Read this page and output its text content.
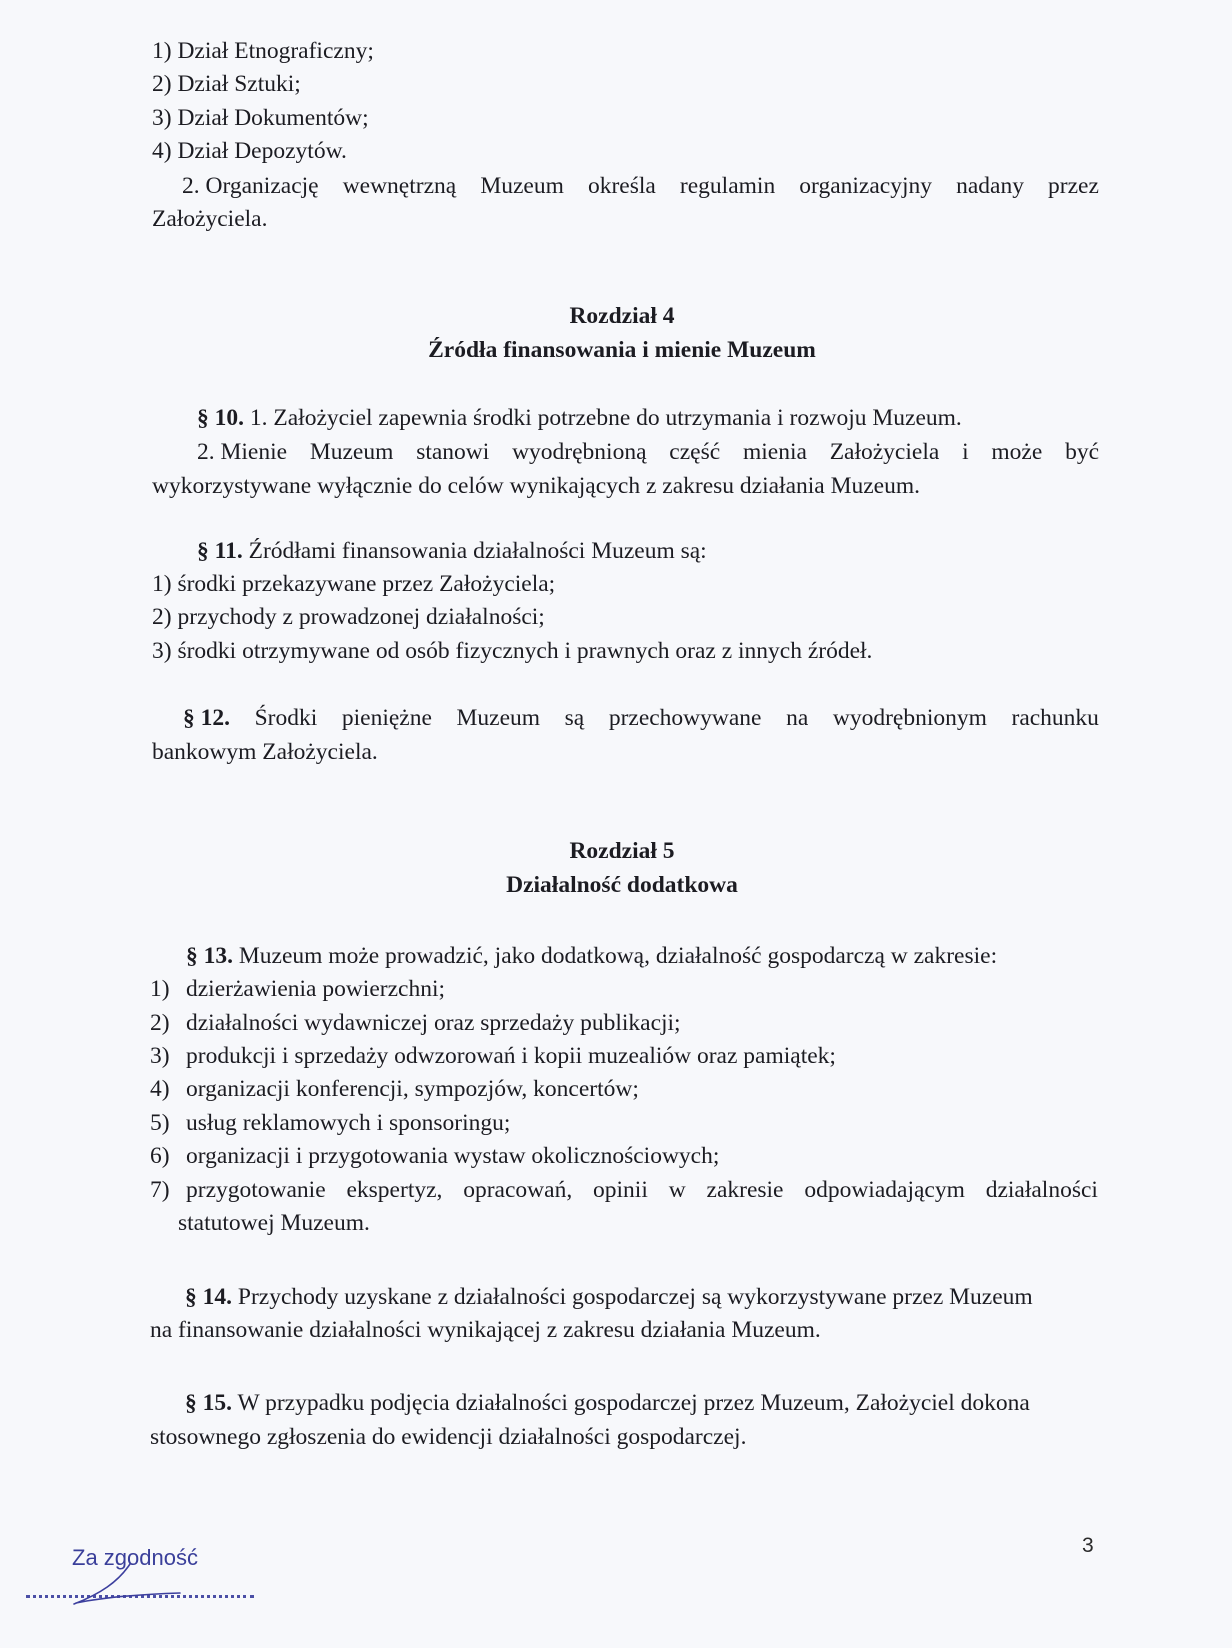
1) Dział Etnograficzny;
2) Dział Sztuki;
3) Dział Dokumentów;
4) Dział Depozytów.
2. Organizację wewnętrzną Muzeum określa regulamin organizacyjny nadany przez
Założyciela.
Rozdział 4
Źródła finansowania i mienie Muzeum
§ 10. 1. Założyciel zapewnia środki potrzebne do utrzymania i rozwoju Muzeum.
2. Mienie Muzeum stanowi wyodrębnioną część mienia Założyciela i może być
wykorzystywane wyłącznie do celów wynikających z zakresu działania Muzeum.
§ 11. Źródłami finansowania działalności Muzeum są:
1) środki przekazywane przez Założyciela;
2) przychody z prowadzonej działalności;
3) środki otrzymywane od osób fizycznych i prawnych oraz z innych źródeł.
§ 12. Środki pieniężne Muzeum są przechowywane na wyodrębnionym rachunku
bankowym Założyciela.
Rozdział 5
Działalność dodatkowa
§ 13. Muzeum może prowadzić, jako dodatkową, działalność gospodarczą w zakresie:
1) dzierżawienia powierzchni;
2) działalności wydawniczej oraz sprzedaży publikacji;
3) produkcji i sprzedaży odwzorowań i kopii muzealiów oraz pamiątek;
4) organizacji konferencji, sympozjów, koncertów;
5) usług reklamowych i sponsoringu;
6) organizacji i przygotowania wystaw okolicznościowych;
7) przygotowanie ekspertyz, opracowań, opinii w zakresie odpowiadającym działalności
statutowej Muzeum.
§ 14. Przychody uzyskane z działalności gospodarczej są wykorzystywane przez Muzeum
na finansowanie działalności wynikającej z zakresu działania Muzeum.
§ 15. W przypadku podjęcia działalności gospodarczej przez Muzeum, Założyciel dokona
stosownego zgłoszenia do ewidencji działalności gospodarczej.
3
Za zgodność
